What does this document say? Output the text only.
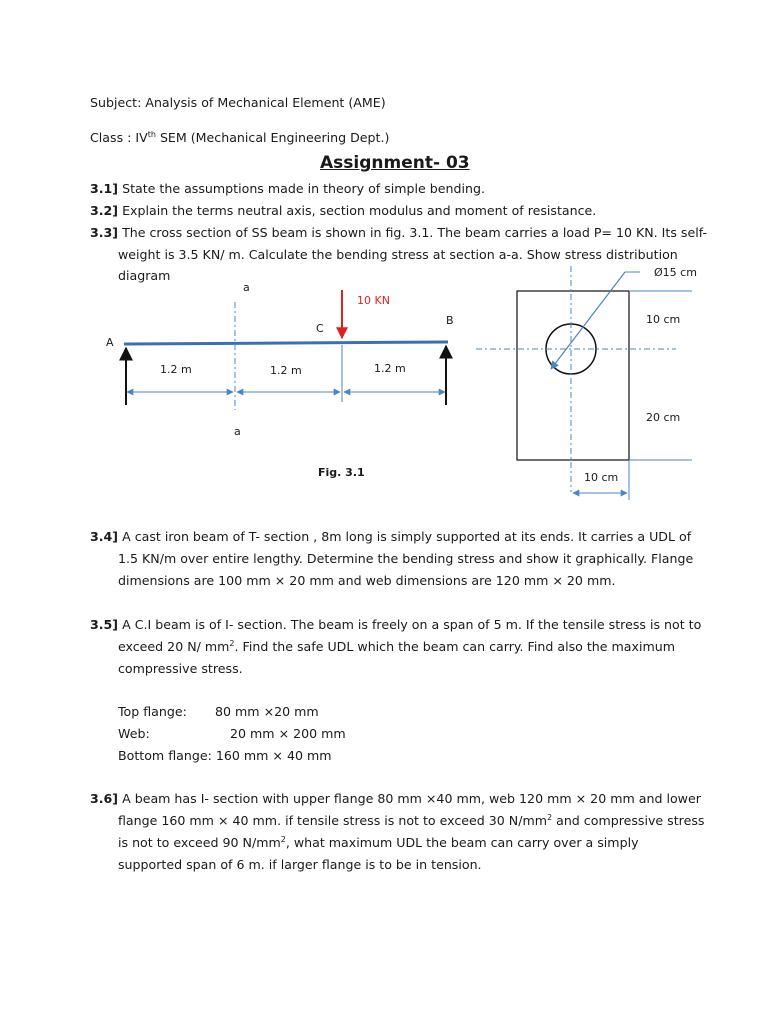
Subject: Analysis of Mechanical Element (AME)
Class : IVth SEM (Mechanical Engineering Dept.)
Assignment- 03
3.1] State the assumptions made in theory of simple bending.
3.2] Explain the terms neutral axis, section modulus and moment of resistance.
3.3] The cross section of SS beam is shown in fig. 3.1. The beam carries a load P= 10 KN. Its self-
weight is 3.5 KN/ m. Calculate the bending stress at section a-a. Show stress distribution
diagram
a
a
A
B
C
10 KN
1.2 m	1.2 m	1.2 m
Ø15 cm
10 cm
20 cm
10 cm
Fig. 3.1
3.4] A cast iron beam of T- section , 8m long is simply supported at its ends. It carries a UDL of
1.5 KN/m over entire lengthy. Determine the bending stress and show it graphically. Flange
dimensions are 100 mm × 20 mm and web dimensions are 120 mm × 20 mm.
3.5] A C.I beam is of I- section. The beam is freely on a span of 5 m. If the tensile stress is not to
exceed 20 N/ $mm^2$. Find the safe UDL which the beam can carry. Find also the maximum
compressive stress.
Top flange: 80 mm ×20 mm
Web:	20 mm × 200 mm
Bottom flange: 160 mm × 40 mm
3.6] A beam has I- section with upper flange 80 mm ×40 mm, web 120 mm × 20 mm and lower
flange 160 mm × 40 mm. if tensile stress is not to exceed 30 $N/mm^2$ and compressive stress
is not to exceed 90 $N/mm^2$, what maximum UDL the beam can carry over a simply
supported span of 6 m. if larger flange is to be in tension.
